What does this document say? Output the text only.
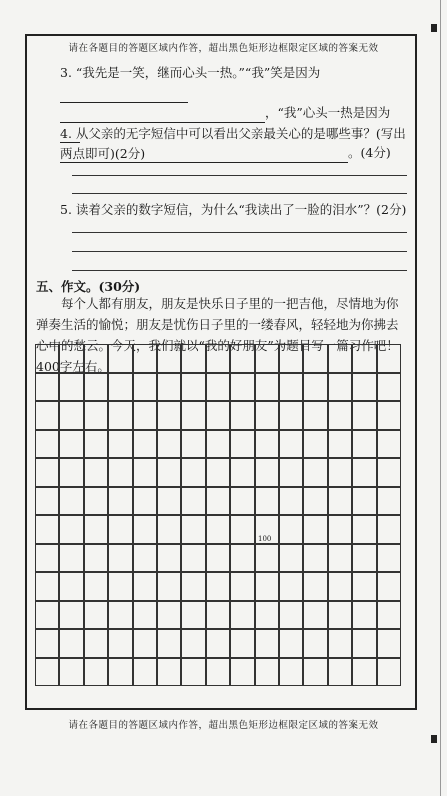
请在各题目的答题区域内作答，超出黑色矩形边框限定区域的答案无效
3. “我先是一笑，继而心头一热。”“我”笑是因为
，“我”心头一热是因为
。(4分)
4. 从父亲的无字短信中可以看出父亲最关心的是哪些事？(写出两点即可)(2分)
5. 读着父亲的数字短信，为什么“我读出了一脸的泪水”？(2分)
五、作文。(30分)
每个人都有朋友，朋友是快乐日子里的一把吉他，尽情地为你弹奏生活的愉悦；朋友是忧伤日子里的一缕春风，轻轻地为你拂去心中的愁云。今天，我们就以“我的好朋友”为题目写一篇习作吧！400字左右。
100
请在各题目的答题区域内作答，超出黑色矩形边框限定区域的答案无效
